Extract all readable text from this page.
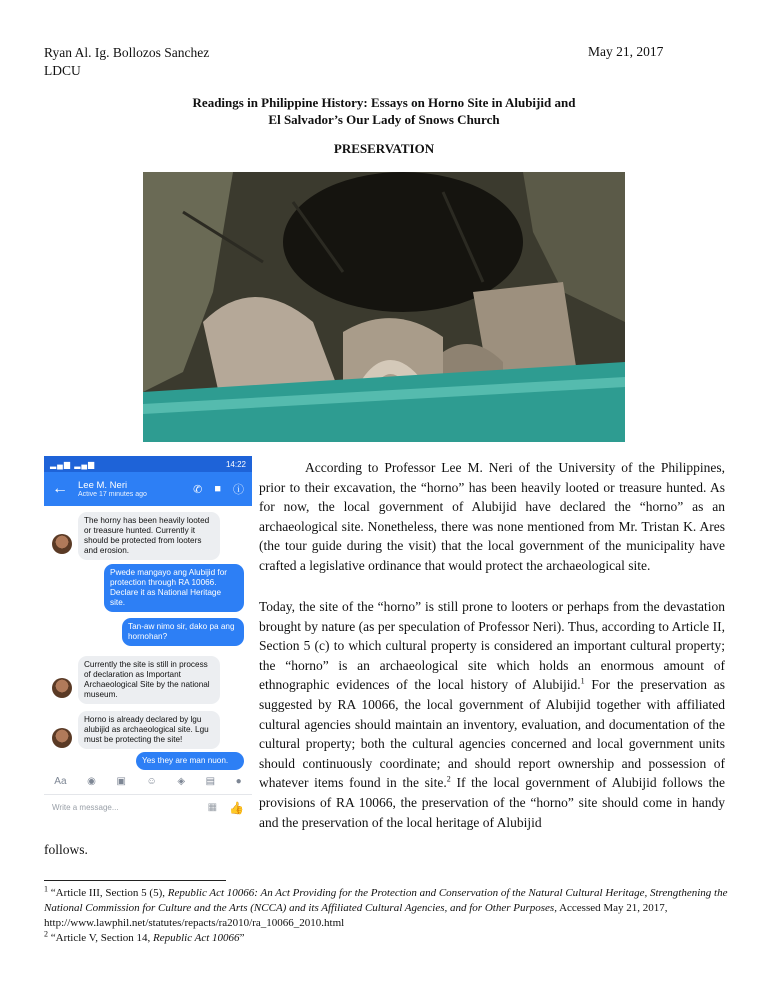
Ryan Al. Ig. Bollozos Sanchez
LDCU
May 21, 2017
Readings in Philippine History: Essays on Horno Site in Alubijid and
El Salvador’s Our Lady of Snows Church
PRESERVATION
▂▄▆ ▂▄▆	14:22
← Lee M. Neri
Active 17 minutes ago	✆ ■ ⓘ
The horny has been heavily looted or treasure hunted. Currently it should be protected from looters and erosion.
Pwede mangayo ang Alubijid for protection through RA 10066. Declare it as National Heritage site.
Tan-aw nimo sir, dako pa ang hornohan?
Currently the site is still in process of declaration as Important Archaeological Site by the national museum.
Horno is already declared by lgu alubijid as archaeological site. Lgu must be protecting the site!
Yes they are man nuon.
Aa ◉ ▣ ☺ ◈ ▤ ●
Write a message...	▦ 👍
According to Professor Lee M. Neri of the University of the Philippines, prior to their excavation, the “horno” has been heavily looted or treasure hunted. As for now, the local government of Alubijid have declared the “horno” as an archaeological site. Nonetheless, there was none mentioned from Mr. Tristan K. Ares (the tour guide during the visit) that the local government of the municipality have crafted a legislative ordinance that would protect the archaeological site.
Today, the site of the “horno” is still prone to looters or perhaps from the devastation brought by nature (as per speculation of Professor Neri). Thus, according to Article II, Section 5 (c) to which cultural property is considered an important cultural property; the “horno” is an archaeological site which holds an enormous amount of ethnographic evidences of the local history of Alubijid.$^1$ For the preservation as suggested by RA 10066, the local government of Alubijid together with affiliated cultural agencies should maintain an inventory, evaluation, and documentation of the cultural property; both the cultural agencies concerned and local government units should continuously coordinate; and should report ownership and possession of whatever items found in the site.$^2$ If the local government of Alubijid follows the provisions of RA 10066, the preservation of the “horno” site should come in handy and the preservation of the local heritage of Alubijid
follows.
$^1$ “Article III, Section 5 (5), Republic Act 10066: An Act Providing for the Protection and Conservation of the Natural Cultural Heritage, Strengthening the National Commission for Culture and the Arts (NCCA) and its Affiliated Cultural Agencies, and for Other Purposes, Accessed May 21, 2017, http://www.lawphil.net/statutes/repacts/ra2010/ra_10066_2010.html
$^2$ “Article V, Section 14, Republic Act 10066”
